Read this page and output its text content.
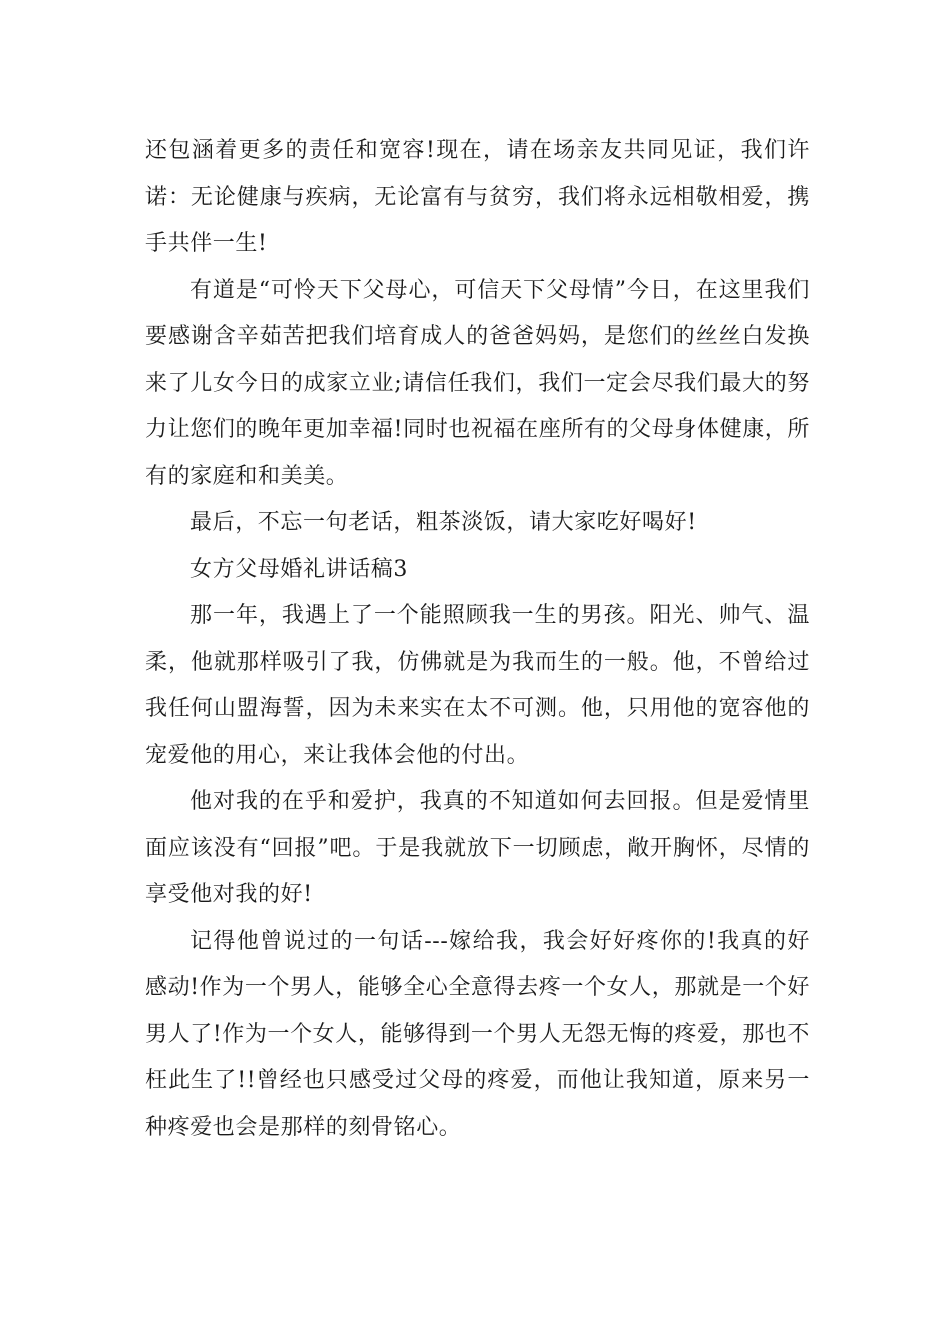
还包涵着更多的责任和宽容!现在，请在场亲友共同见证，我们许诺：无论健康与疾病，无论富有与贫穷，我们将永远相敬相爱，携手共伴一生!

有道是“可怜天下父母心，可信天下父母情”今日，在这里我们要感谢含辛茹苦把我们培育成人的爸爸妈妈，是您们的丝丝白发换来了儿女今日的成家立业;请信任我们，我们一定会尽我们最大的努力让您们的晚年更加幸福!同时也祝福在座所有的父母身体健康，所有的家庭和和美美。

最后，不忘一句老话，粗茶淡饭，请大家吃好喝好!

女方父母婚礼讲话稿3

那一年，我遇上了一个能照顾我一生的男孩。阳光、帅气、温柔，他就那样吸引了我，仿佛就是为我而生的一般。他，不曾给过我任何山盟海誓，因为未来实在太不可测。他，只用他的宽容他的宠爱他的用心，来让我体会他的付出。

他对我的在乎和爱护，我真的不知道如何去回报。但是爱情里面应该没有“回报”吧。于是我就放下一切顾虑，敞开胸怀，尽情的享受他对我的好!

记得他曾说过的一句话---嫁给我，我会好好疼你的!我真的好感动!作为一个男人，能够全心全意得去疼一个女人，那就是一个好男人了!作为一个女人，能够得到一个男人无怨无悔的疼爱，那也不枉此生了!!曾经也只感受过父母的疼爱，而他让我知道，原来另一种疼爱也会是那样的刻骨铭心。
